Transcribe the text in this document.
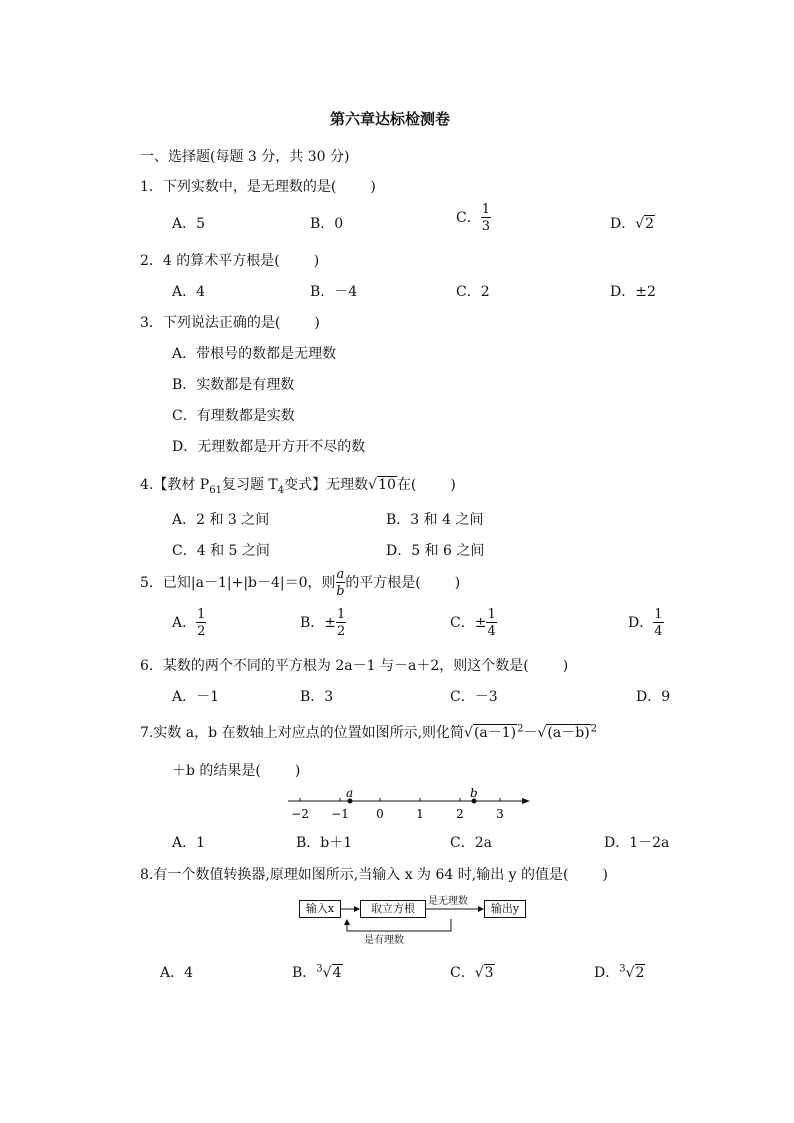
第六章达标检测卷
一、选择题(每题 3 分，共 30 分)
1．下列实数中，是无理数的是( )
A．5	B．0	C． $\frac{1}{3}$	D．√2
2．4 的算术平方根是( )
A．4	B．－4	C．2	D．±2
3．下列说法正确的是( )
A．带根号的数都是无理数
B．实数都是有理数
C．有理数都是实数
D．无理数都是开方开不尽的数
4.【教材 $P_{61}$复习题 $T_4$变式】无理数√10在( )
A．2 和 3 之间	B．3 和 4 之间
C．4 和 5 之间	D．5 和 6 之间
5．已知|a－1|+|b－4|＝0，则 $\frac{a}{b}$ 的平方根是( )
A． $\frac{1}{2}$	B．± $\frac{1}{2}$	C．± $\frac{1}{4}$	D． $\frac{1}{4}$
6．某数的两个不同的平方根为 2a－1 与－a＋2，则这个数是( )
A．－1	B．3	C．－3	D．9
7.实数 a，b 在数轴上对应点的位置如图所示,则化简$√(a-1)^2-√(a-b)^2$
＋b 的结果是( )
−2 −1 0	1	2	3
a	b
A．1	B．b＋1	C．2a	D．1－2a
8.有一个数值转换器,原理如图所示,当输入 x 为 64 时,输出 y 的值是( )
输入x	取立方根	输出y
是无理数
是有理数
A．4	B．$^3$√4	C．√3	D．$^3$√2
